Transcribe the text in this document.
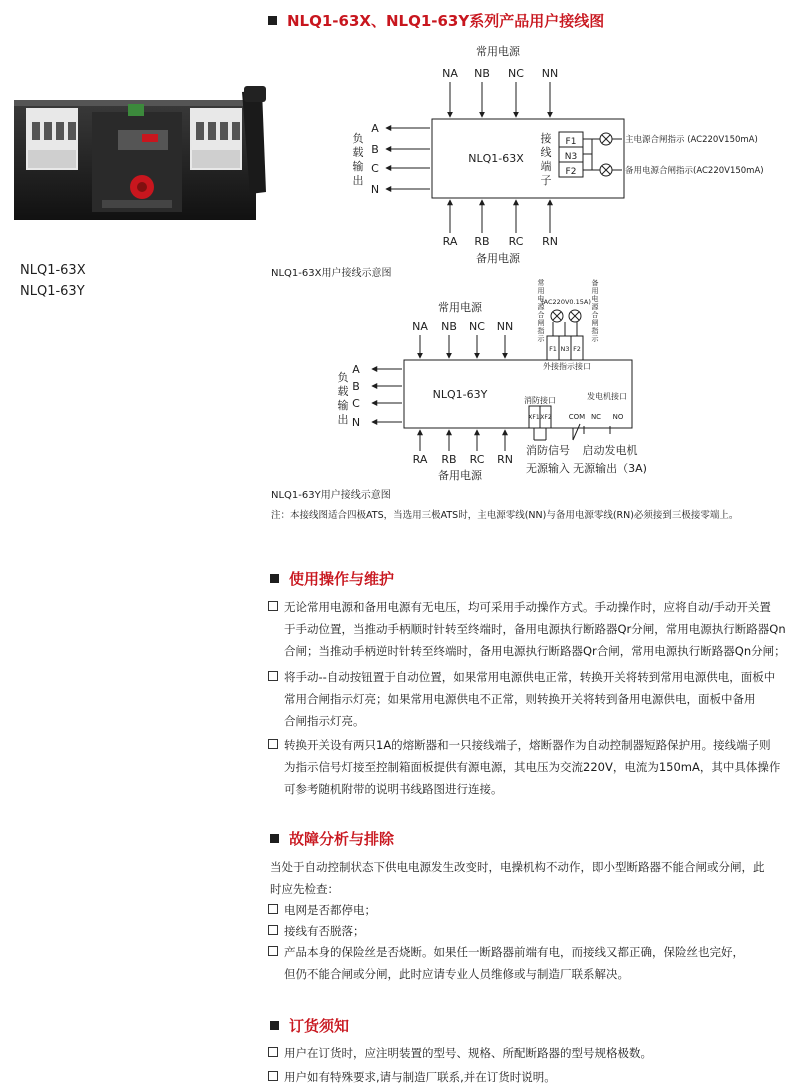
NLQ1-63X、NLQ1-63Y系列产品用户接线图
NLQ1-63X
NLQ1-63Y
常用电源
NA NB NC NN
NLQ1-63X
接
线
端
子
F1
N3
F2
主电源合闸指示 (AC220V150mA)
备用电源合闸指示(AC220V150mA)
A
B
C
N
负
载
输
出
RA RB RC RN
备用电源
NLQ1-63X用户接线示意图
常用电源
NA NB NC NN
NLQ1-63Y
A
B
C
N
负
载
输
出
RA RB RC RN
备用电源
常
用
电
源
合
闸
指
示
备
用
电
源
合
闸
指
示
(AC220V0.15A)
F1 N3 F2
外接指示接口
消防接口
XF1 XF2
发电机接口
COM NC NO
消防信号
无源输入
启动发电机
无源输出（3A)
NLQ1-63Y用户接线示意图
注：本接线图适合四极ATS，当选用三极ATS时，主电源零线(NN)与备用电源零线(RN)必须接到三极接零端上。
使用操作与维护
无论常用电源和备用电源有无电压，均可采用手动操作方式。手动操作时，应将自动/手动开关置
于手动位置，当推动手柄顺时针转至终端时，备用电源执行断路器Qr分闸，常用电源执行断路器Qn
合闸；当推动手柄逆时针转至终端时，备用电源执行断路器Qr合闸，常用电源执行断路器Qn分闸；
将手动--自动按钮置于自动位置，如果常用电源供电正常，转换开关将转到常用电源供电，面板中
常用合闸指示灯亮；如果常用电源供电不正常，则转换开关将转到备用电源供电，面板中备用
合闸指示灯亮。
转换开关设有两只1A的熔断器和一只接线端子，熔断器作为自动控制器短路保护用。接线端子则
为指示信号灯接至控制箱面板提供有源电源，其电压为交流220V，电流为150mA，其中具体操作
可参考随机附带的说明书线路图进行连接。
故障分析与排除
当处于自动控制状态下供电电源发生改变时，电操机构不动作，即小型断路器不能合闸或分闸，此
时应先检查：
电网是否都停电；
接线有否脱落；
产品本身的保险丝是否烧断。如果任一断路器前端有电，而接线又都正确，保险丝也完好，
但仍不能合闸或分闸，此时应请专业人员维修或与制造厂联系解决。
订货须知
用户在订货时，应注明装置的型号、规格、所配断路器的型号规格极数。
用户如有特殊要求,请与制造厂联系,并在订货时说明。
